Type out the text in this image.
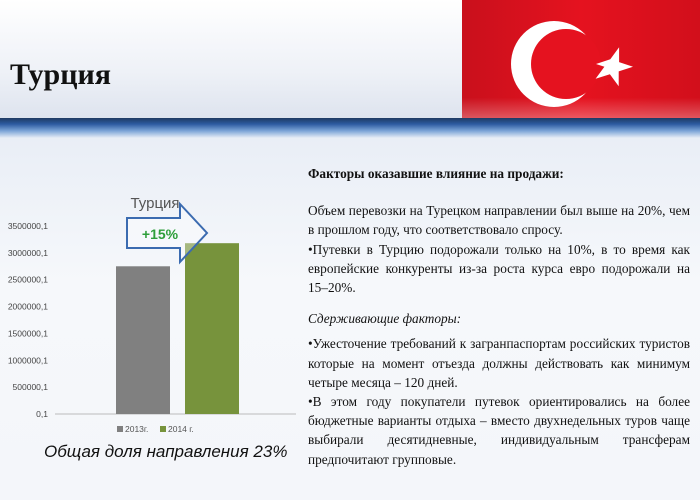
Турция
Турция
0,1
500000,1
1000000,1
1500000,1
2000000,1
2500000,1
3000000,1
3500000,1	+15%
2013г. 2014 г.
Общая доля направления 23%

Факторы оказавшие влияние на продажи:

Объем перевозки на Турецком направлении был выше на 20%, чем в прошлом году, что соответствовало спросу.

•Путевки в Турцию подорожали только на 10%, в то время как европейские конкуренты из-за роста курса евро подорожали на 15–20%.

Сдерживающие факторы:

•Ужесточение требований к загранпаспортам российских туристов которые на момент отъезда должны действовать как минимум четыре месяца – 120 дней.

•В этом году покупатели путевок ориентировались на более бюджетные варианты отдыха – вместо двухнедельных туров чаще выбирали десятидневные, индивидуальным трансферам предпочитают групповые.
